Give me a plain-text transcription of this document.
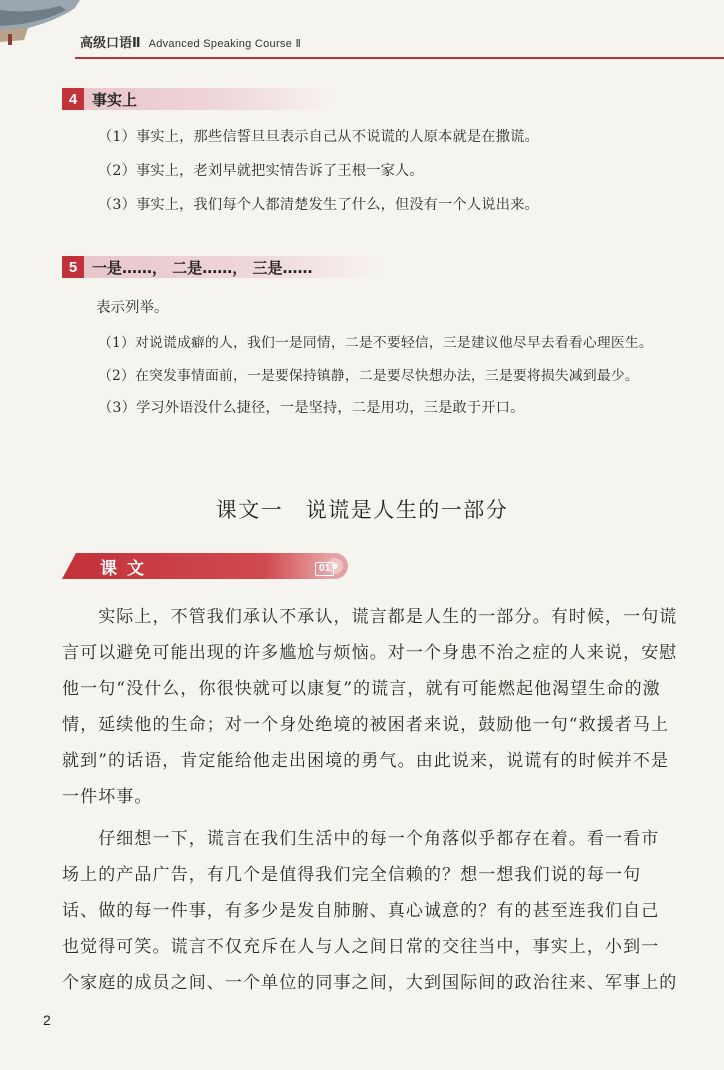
高级口语Ⅱ Advanced Speaking Course Ⅱ
4 事实上
（1）事实上，那些信誓旦旦表示自己从不说谎的人原本就是在撒谎。
（2）事实上，老刘早就把实情告诉了王根一家人。
（3）事实上，我们每个人都清楚发生了什么，但没有一个人说出来。
5 一是……， 二是……， 三是……
表示列举。
（1）对说谎成癖的人，我们一是同情，二是不要轻信，三是建议他尽早去看看心理医生。
（2）在突发事情面前，一是要保持镇静，二是要尽快想办法，三是要将损失减到最少。
（3）学习外语没什么捷径，一是坚持，二是用功，三是敢于开口。
课文一　说谎是人生的一部分
课文	01
　　实际上，不管我们承认不承认，谎言都是人生的一部分。有时候，一句谎
言可以避免可能出现的许多尴尬与烦恼。对一个身患不治之症的人来说，安慰
他一句“没什么，你很快就可以康复”的谎言，就有可能燃起他渴望生命的激
情，延续他的生命；对一个身处绝境的被困者来说，鼓励他一句“救援者马上
就到”的话语，肯定能给他走出困境的勇气。由此说来，说谎有的时候并不是
一件坏事。
　　仔细想一下，谎言在我们生活中的每一个角落似乎都存在着。看一看市
场上的产品广告，有几个是值得我们完全信赖的？想一想我们说的每一句
话、做的每一件事，有多少是发自肺腑、真心诚意的？有的甚至连我们自己
也觉得可笑。谎言不仅充斥在人与人之间日常的交往当中，事实上，小到一
个家庭的成员之间、一个单位的同事之间，大到国际间的政治往来、军事上的
2
